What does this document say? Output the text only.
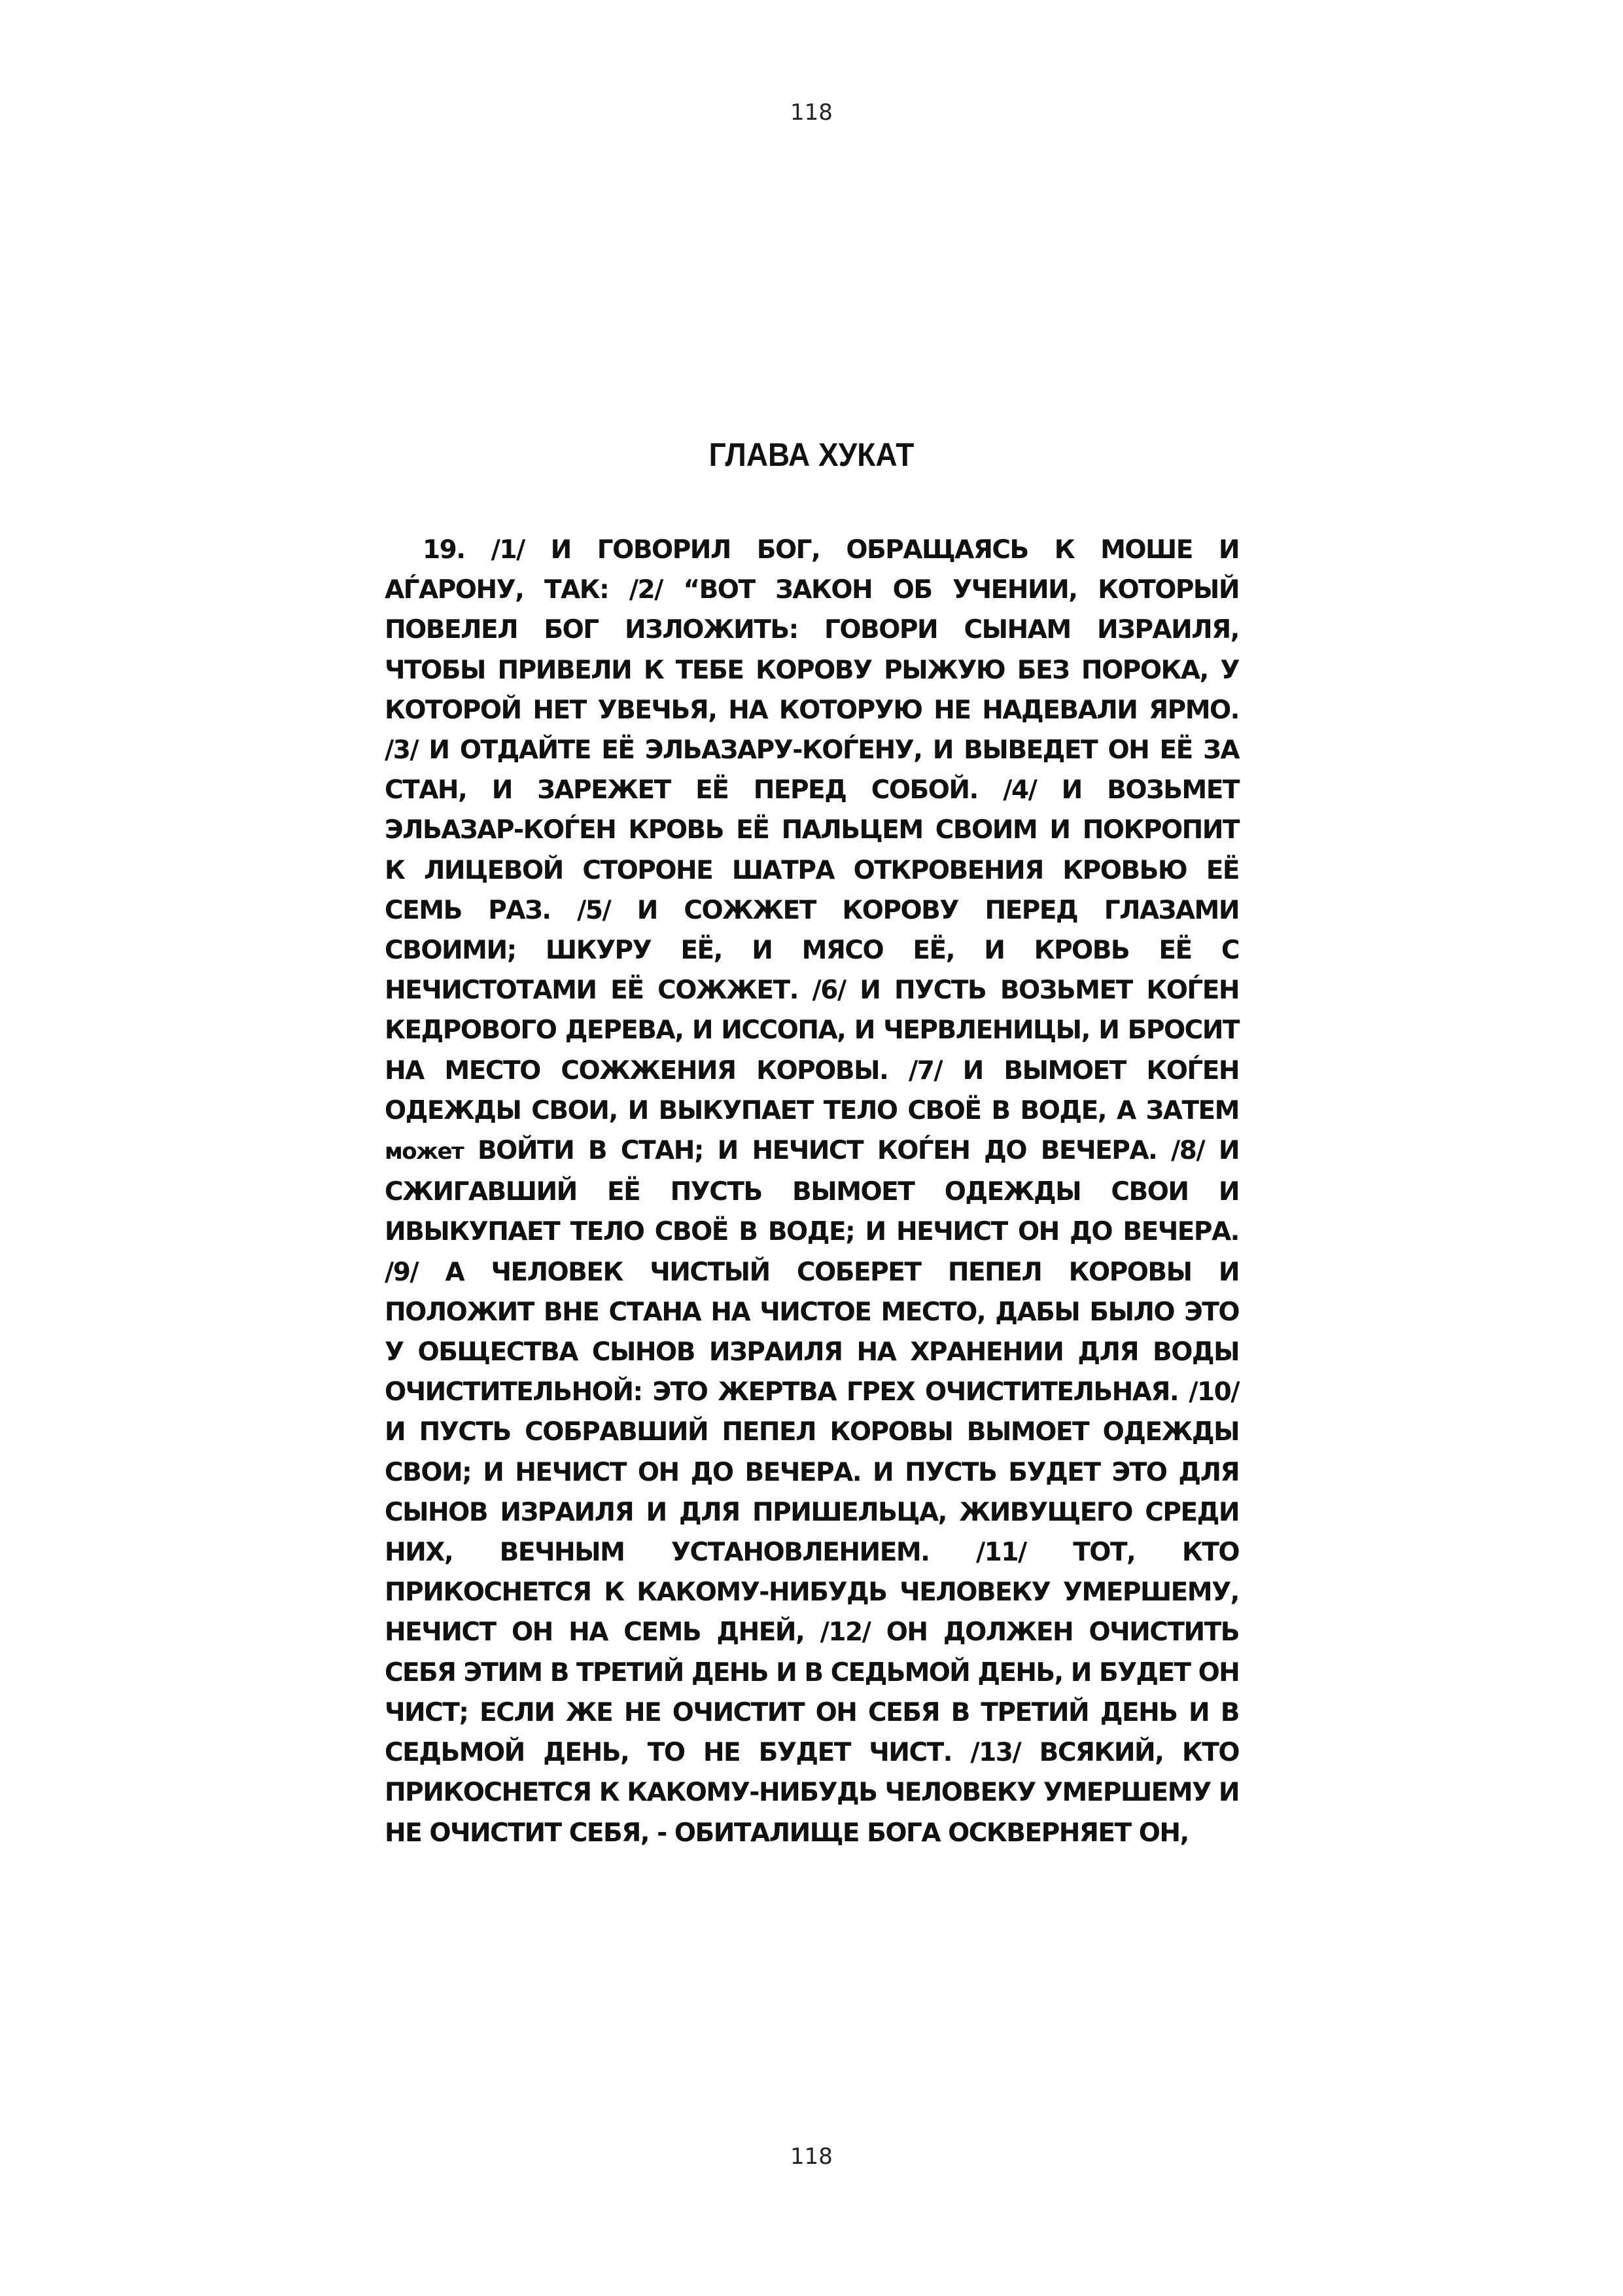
118
ГЛАВА ХУКАТ
19. /1/ И ГОВОРИЛ БОГ, ОБРАЩАЯСЬ К МОШЕ И
АЃАРОНУ, ТАК: /2/ “ВОТ ЗАКОН ОБ УЧЕНИИ, КОТОРЫЙ
ПОВЕЛЕЛ БОГ ИЗЛОЖИТЬ: ГОВОРИ СЫНАМ ИЗРАИЛЯ,
ЧТОБЫ ПРИВЕЛИ К ТЕБЕ КОРОВУ РЫЖУЮ БЕЗ ПОРОКА, У
КОТОРОЙ НЕТ УВЕЧЬЯ, НА КОТОРУЮ НЕ НАДЕВАЛИ ЯРМО.
/3/ И ОТДАЙТЕ ЕЁ ЭЛЬАЗАРУ-КОЃЕНУ, И ВЫВЕДЕТ ОН ЕЁ ЗА
СТАН, И ЗАРЕЖЕТ ЕЁ ПЕРЕД СОБОЙ. /4/ И ВОЗЬМЕТ
ЭЛЬАЗАР-КОЃЕН КРОВЬ ЕЁ ПАЛЬЦЕМ СВОИМ И ПОКРОПИТ
К ЛИЦЕВОЙ СТОРОНЕ ШАТРА ОТКРОВЕНИЯ КРОВЬЮ ЕЁ
СЕМЬ РАЗ. /5/ И СОЖЖЕТ КОРОВУ ПЕРЕД ГЛАЗАМИ
СВОИМИ; ШКУРУ ЕЁ, И МЯСО ЕЁ, И КРОВЬ ЕЁ С
НЕЧИСТОТАМИ ЕЁ СОЖЖЕТ. /6/ И ПУСТЬ ВОЗЬМЕТ КОЃЕН
КЕДРОВОГО ДЕРЕВА, И ИССОПА, И ЧЕРВЛЕНИЦЫ, И БРОСИТ
НА МЕСТО СОЖЖЕНИЯ КОРОВЫ. /7/ И ВЫМОЕТ КОЃЕН
ОДЕЖДЫ СВОИ, И ВЫКУПАЕТ ТЕЛО СВОЁ В ВОДЕ, А ЗАТЕМ
может ВОЙТИ В СТАН; И НЕЧИСТ КОЃЕН ДО ВЕЧЕРА. /8/ И
СЖИГАВШИЙ ЕЁ ПУСТЬ ВЫМОЕТ ОДЕЖДЫ СВОИ И
ИВЫКУПАЕТ ТЕЛО СВОЁ В ВОДЕ; И НЕЧИСТ ОН ДО ВЕЧЕРА.
/9/ А ЧЕЛОВЕК ЧИСТЫЙ СОБЕРЕТ ПЕПЕЛ КОРОВЫ И
ПОЛОЖИТ ВНЕ СТАНА НА ЧИСТОЕ МЕСТО, ДАБЫ БЫЛО ЭТО
У ОБЩЕСТВА СЫНОВ ИЗРАИЛЯ НА ХРАНЕНИИ ДЛЯ ВОДЫ
ОЧИСТИТЕЛЬНОЙ: ЭТО ЖЕРТВА ГРЕХ ОЧИСТИТЕЛЬНАЯ. /10/
И ПУСТЬ СОБРАВШИЙ ПЕПЕЛ КОРОВЫ ВЫМОЕТ ОДЕЖДЫ
СВОИ; И НЕЧИСТ ОН ДО ВЕЧЕРА. И ПУСТЬ БУДЕТ ЭТО ДЛЯ
СЫНОВ ИЗРАИЛЯ И ДЛЯ ПРИШЕЛЬЦА, ЖИВУЩЕГО СРЕДИ
НИХ, ВЕЧНЫМ УСТАНОВЛЕНИЕМ. /11/ ТОТ, КТО
ПРИКОСНЕТСЯ К КАКОМУ-НИБУДЬ ЧЕЛОВЕКУ УМЕРШЕМУ,
НЕЧИСТ ОН НА СЕМЬ ДНЕЙ, /12/ ОН ДОЛЖЕН ОЧИСТИТЬ
СЕБЯ ЭТИМ В ТРЕТИЙ ДЕНЬ И В СЕДЬМОЙ ДЕНЬ, И БУДЕТ ОН
ЧИСТ; ЕСЛИ ЖЕ НЕ ОЧИСТИТ ОН СЕБЯ В ТРЕТИЙ ДЕНЬ И В
СЕДЬМОЙ ДЕНЬ, ТО НЕ БУДЕТ ЧИСТ. /13/ ВСЯКИЙ, КТО
ПРИКОСНЕТСЯ К КАКОМУ-НИБУДЬ ЧЕЛОВЕКУ УМЕРШЕМУ И
НЕ ОЧИСТИТ СЕБЯ, - ОБИТАЛИЩЕ БОГА ОСКВЕРНЯЕТ ОН,
118
